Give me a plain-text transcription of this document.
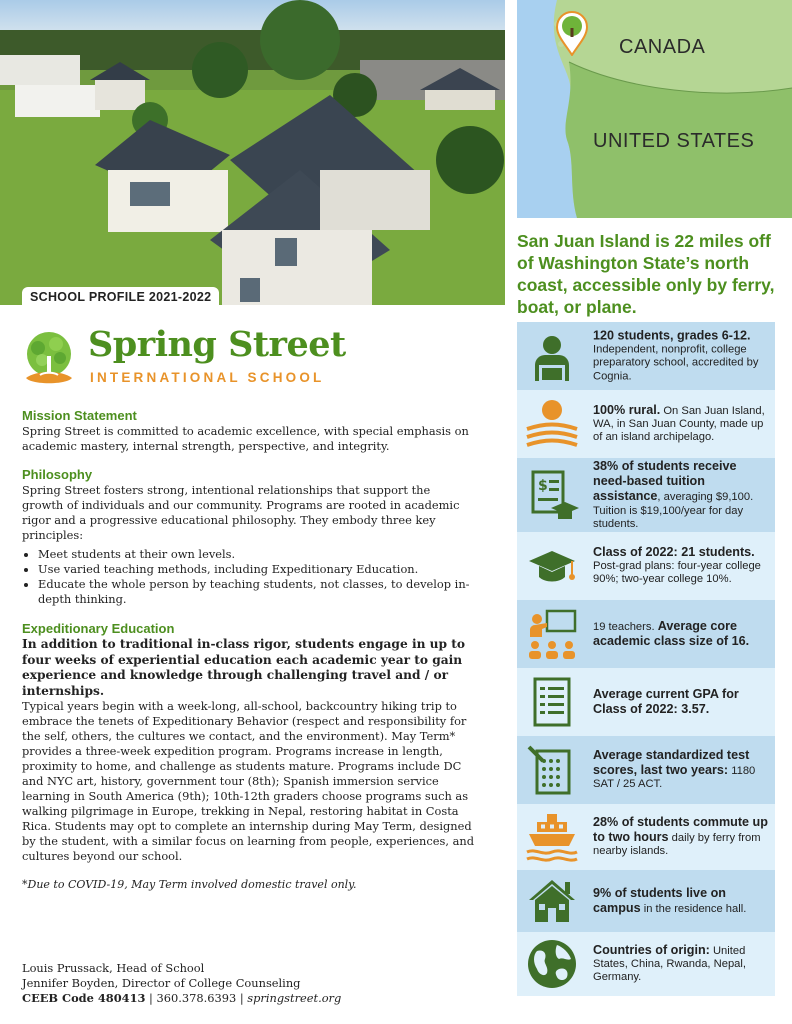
SCHOOL PROFILE 2021-2022
CANADA
UNITED STATES
San Juan Island is 22 miles off of Washington State’s north coast, accessible only by ferry, boat, or plane.
Spring Street
INTERNATIONAL SCHOOL
Mission Statement
Spring Street is committed to academic excellence, with special emphasis on academic mastery, internal strength, perspective, and integrity.
Philosophy
Spring Street fosters strong, intentional relationships that support the growth of individuals and our community. Programs are rooted in academic rigor and a progressive educational philosophy. They embody three key principles:
• Meet students at their own levels.
• Use varied teaching methods, including Expeditionary Education.
• Educate the whole person by teaching students, not classes, to develop in-depth thinking.
Expeditionary Education
In addition to traditional in-class rigor, students engage in up to four weeks of experiential education each academic year to gain experience and knowledge through challenging travel and / or internships.
Typical years begin with a week-long, all-school, backcountry hiking trip to embrace the tenets of Expeditionary Behavior (respect and responsibility for the self, others, the cultures we contact, and the environment). May Term* provides a three-week expedition program. Programs increase in length, proximity to home, and challenge as students mature. Programs include DC and NYC art, history, government tour (8th); Spanish immersion service learning in South America (9th); 10th-12th graders choose programs such as walking pilgrimage in Europe, trekking in Nepal, restoring habitat in Costa Rica. Students may opt to complete an internship during May Term, designed by the student, with a similar focus on learning from people, experiences, and cultures beyond our school.
*Due to COVID-19, May Term involved domestic travel only.
Louis Prussack, Head of School
Jennifer Boyden, Director of College Counseling
CEEB Code 480413 | 360.378.6393 | springstreet.org
120 students, grades 6-12. Independent, nonprofit, college preparatory school, accredited by Cognia.
100% rural. On San Juan Island, WA, in San Juan County, made up of an island archipelago.
$
38% of students receive need-based tuition assistance, averaging $9,100. Tuition is $19,100/year for day students.
Class of 2022: 21 students. Post-grad plans: four-year college 90%; two-year college 10%.
19 teachers. Average core academic class size of 16.
Average current GPA for Class of 2022: 3.57.
Average standardized test scores, last two years: 1180 SAT / 25 ACT.
28% of students commute up to two hours daily by ferry from nearby islands.
9% of students live on campus in the residence hall.
Countries of origin: United States, China, Rwanda, Nepal, Germany.
